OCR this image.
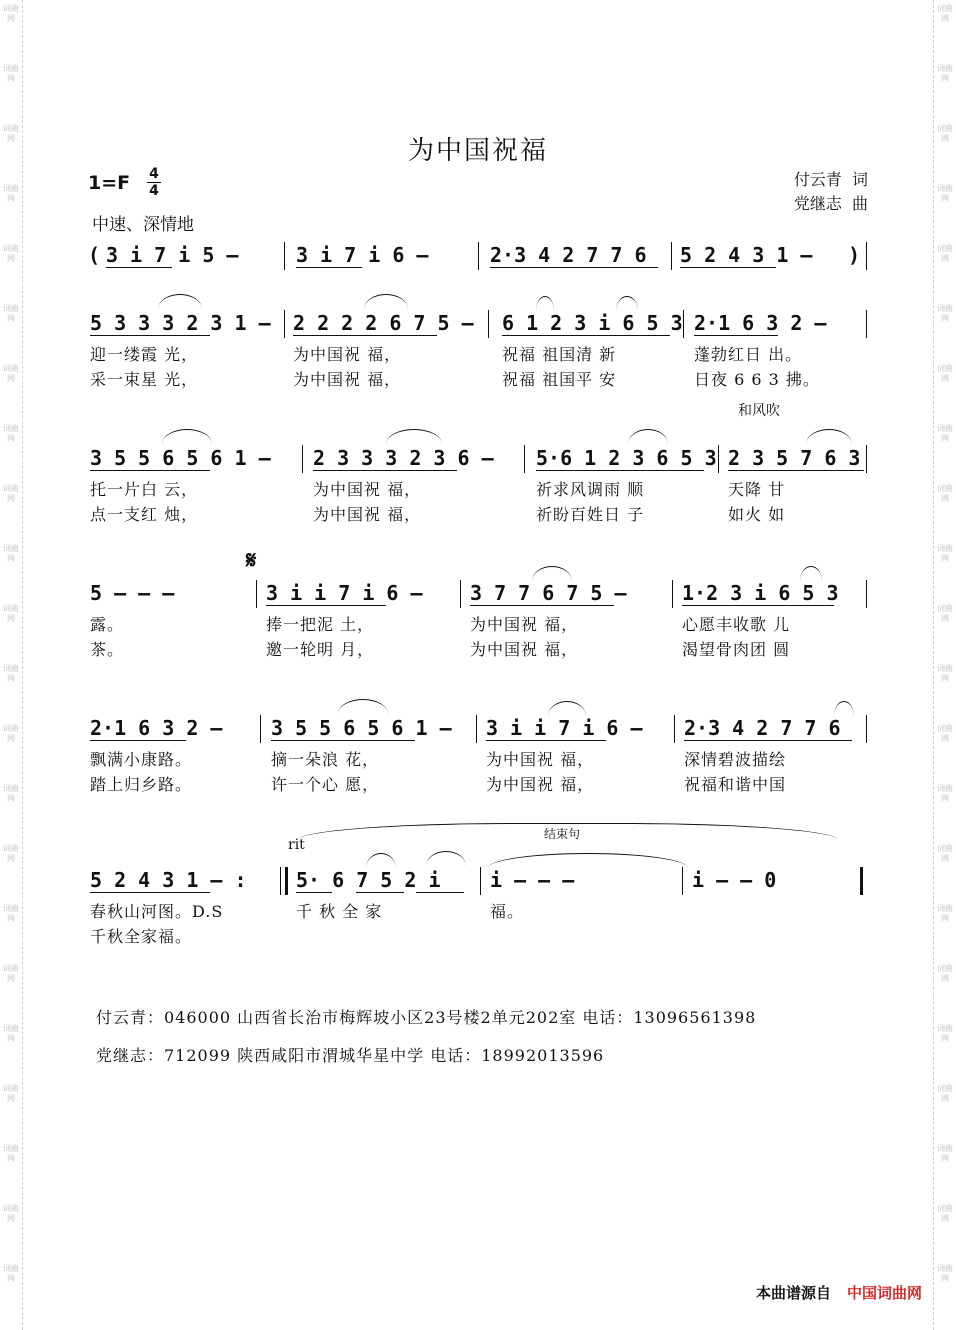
词曲网
词曲网
词曲网
词曲网
词曲网
词曲网
词曲网
词曲网
词曲网
词曲网
词曲网
词曲网
词曲网
词曲网
词曲网
词曲网
词曲网
词曲网
词曲网
词曲网
词曲网
词曲网
词曲网
词曲网
词曲网
词曲网
词曲网
词曲网
词曲网
词曲网
词曲网
词曲网
词曲网
词曲网
词曲网
词曲网
词曲网
词曲网
词曲网
词曲网
词曲网
词曲网
词曲网
词曲网
为中国祝福
1=F 4
4
中速、深情地
付云青  词
党继志  曲
( 3 i 7 i 5 –	3 i 7 i 6 –	2·3 4 2 7 7 6 5 2 4 3 1 – )
5 3 3 3 2 3 1 – 2 2 2 2 6 7 5 – 6 1 2 3 i 6 5 3 2·1 6 3 2 –
迎一缕霞 光，	为中国祝 福，	祝福 祖国清 新	蓬勃红日 出。
采一束星 光，	为中国祝 福，	祝福 祖国平 安	日夜 6 6 3 拂。
和风吹
3 5 5 6 5 6 1 – 2 3 3 3 2 3 6 – 5·6 1 2 3 6 5 3 2 3 5 7 6 3
托一片白 云，	为中国祝 福，	祈求风调雨 顺	天降 甘
点一支红 烛，	为中国祝 福，	祈盼百姓日 子	如火 如
𝄋
5 – – –	3 i i 7 i 6 – 3 7 7 6 7 5 –	1·2 3 i 6 5 3
露。	捧一把泥 土，	为中国祝 福，	心愿丰收歌 儿
茶。	邀一轮明 月，	为中国祝 福，	渴望骨肉团 圆
2·1 6 3 2 – 3 5 5 6 5 6 1 – 3 i i 7 i 6 – 2·3 4 2 7 7 6
飘满小康路。	摘一朵浪 花，	为中国祝 福，	深情碧波描绘
踏上归乡路。	许一个心 愿，	为中国祝 福，	祝福和谐中国
rit
结束句
5 2 4 3 1 – : 5· 6 7 5 2 i i – – –	i – – 0
春秋山河图。D.S	千 秋 全 家	福。
千秋全家福。
付云青：046000 山西省长治市梅辉坡小区23号楼2单元202室 电话：13096561398
党继志：712099 陕西咸阳市渭城华星中学 电话：18992013596
本曲谱源自 中国词曲网
